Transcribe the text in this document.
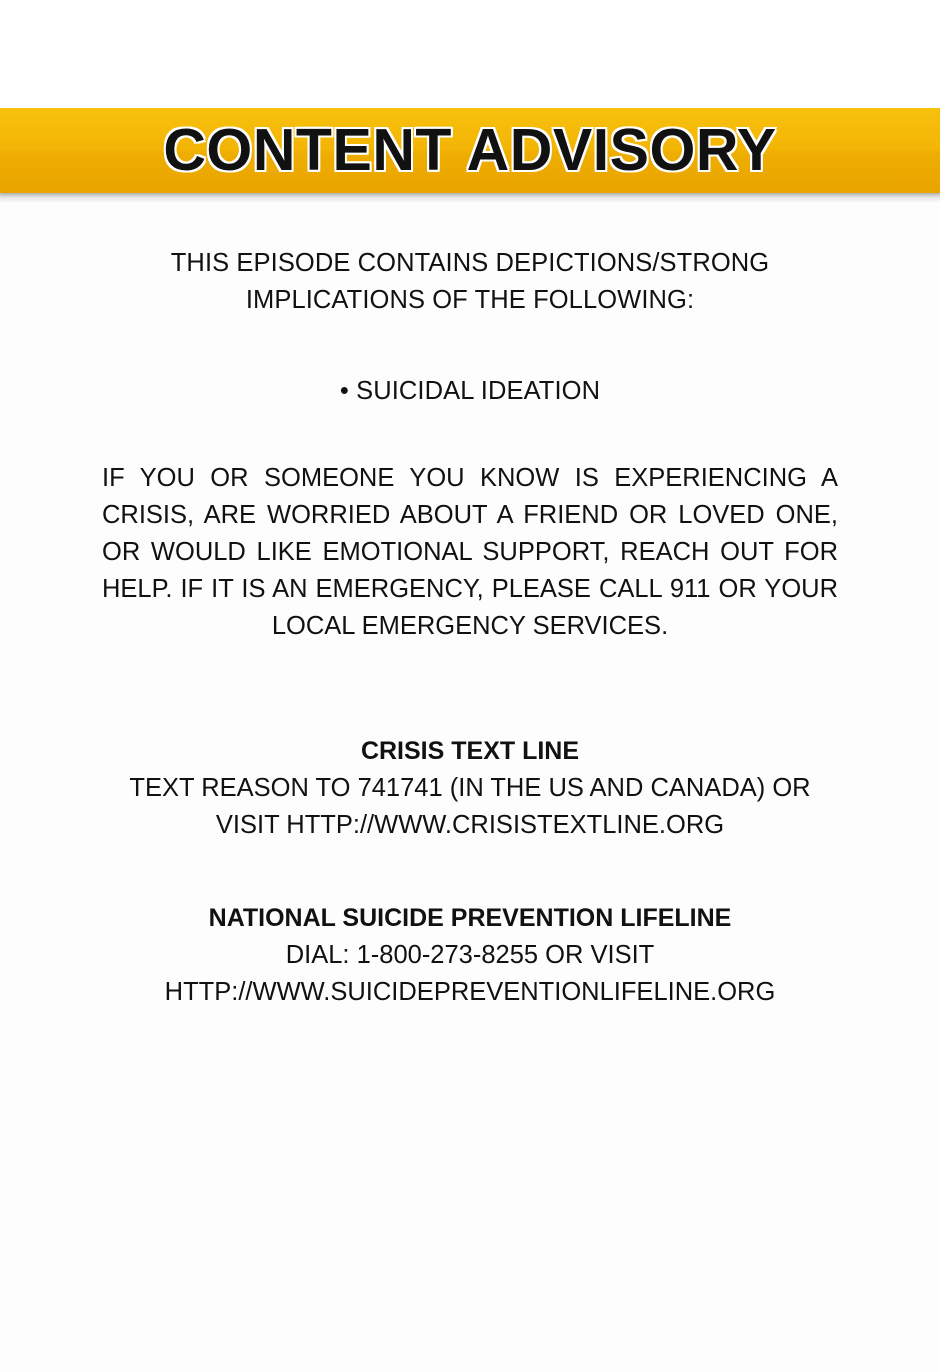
CONTENT ADVISORY
THIS EPISODE CONTAINS DEPICTIONS/STRONG IMPLICATIONS OF THE FOLLOWING:
• SUICIDAL IDEATION
IF YOU OR SOMEONE YOU KNOW IS EXPERIENCING A CRISIS, ARE WORRIED ABOUT A FRIEND OR LOVED ONE, OR WOULD LIKE EMOTIONAL SUPPORT, REACH OUT FOR HELP. IF IT IS AN EMERGENCY, PLEASE CALL 911 OR YOUR LOCAL EMERGENCY SERVICES.
CRISIS TEXT LINE
TEXT REASON TO 741741 (IN THE US AND CANADA) OR VISIT HTTP://WWW.CRISISTEXTLINE.ORG
NATIONAL SUICIDE PREVENTION LIFELINE
DIAL: 1-800-273-8255 OR VISIT HTTP://WWW.SUICIDEPREVENTIONLIFELINE.ORG
